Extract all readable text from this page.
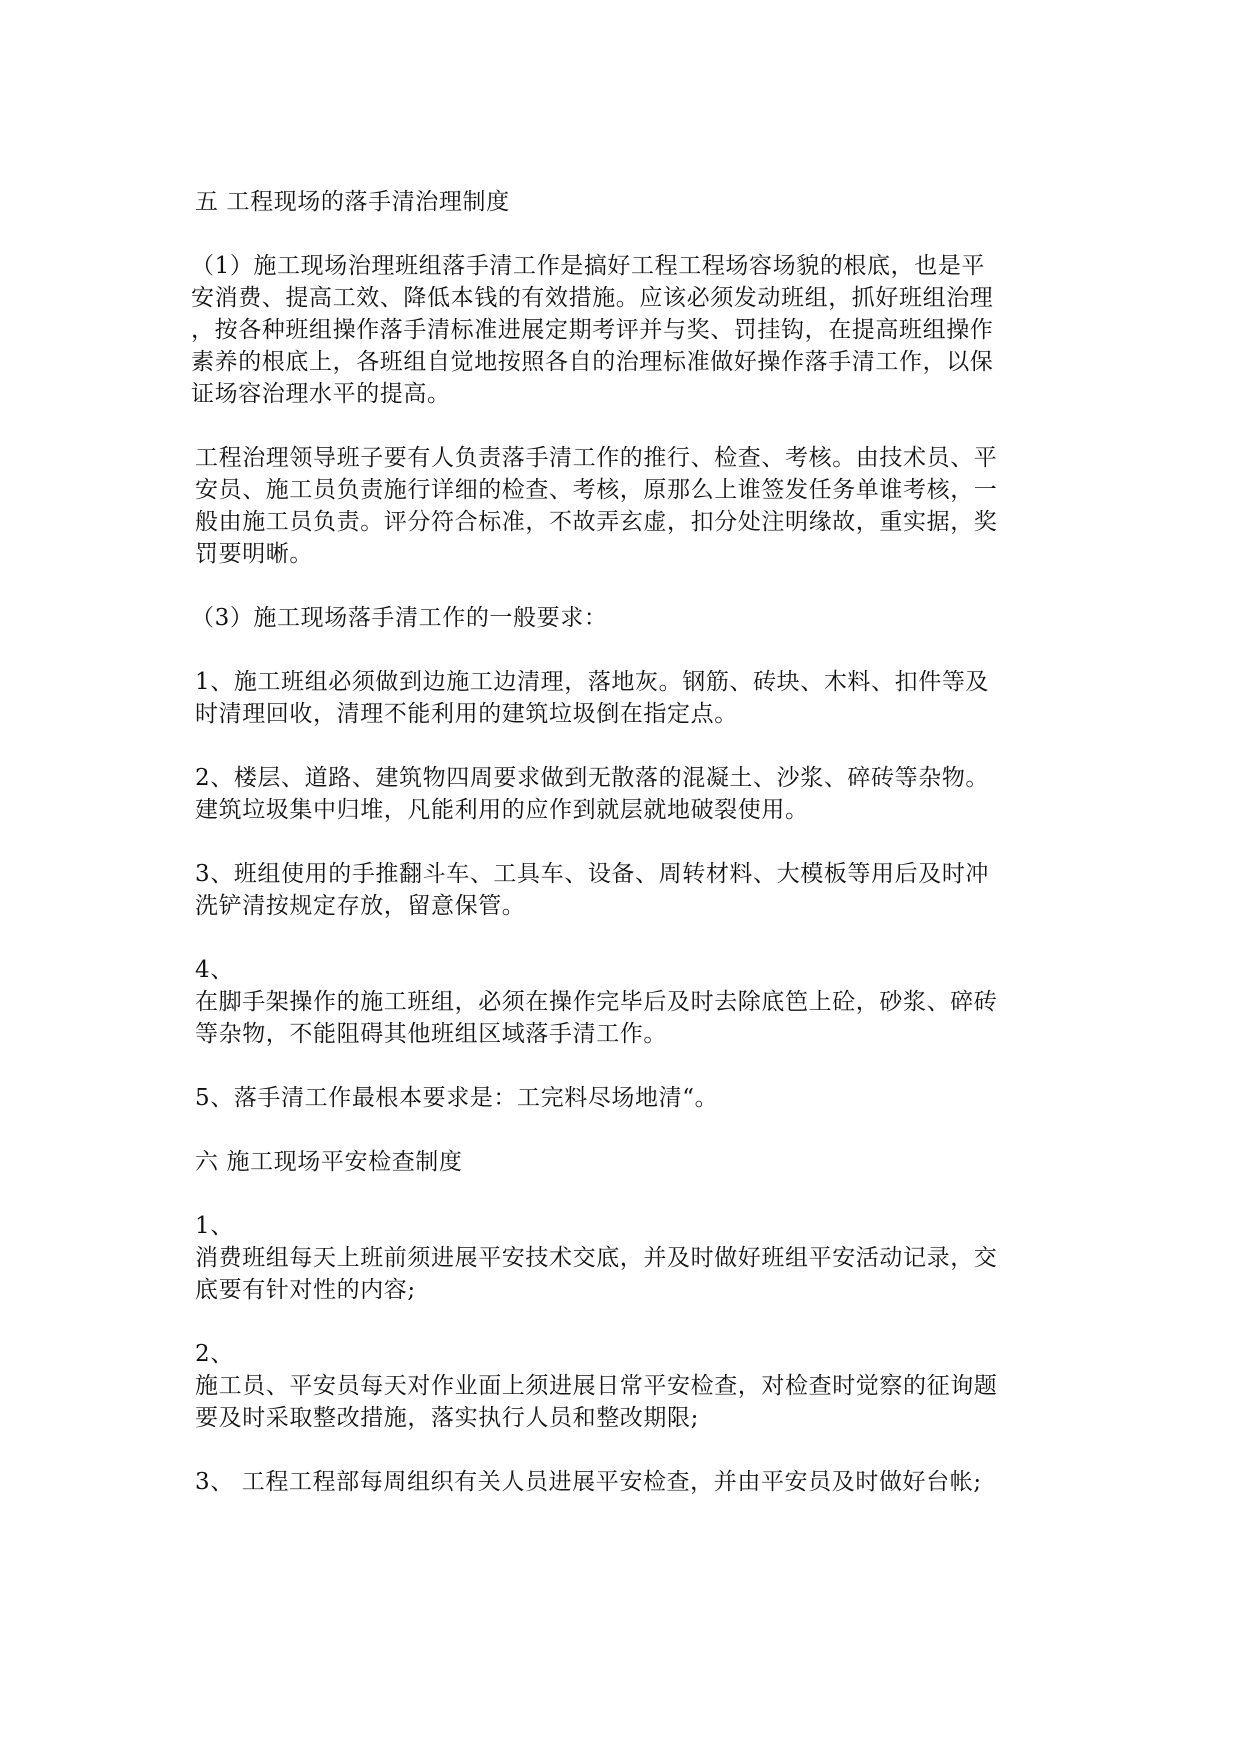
五 工程现场的落手清治理制度

（1）施工现场治理班组落手清工作是搞好工程工程场容场貌的根底，也是平
安消费、提高工效、降低本钱的有效措施。应该必须发动班组，抓好班组治理
，按各种班组操作落手清标准进展定期考评并与奖、罚挂钩，在提高班组操作
素养的根底上，各班组自觉地按照各自的治理标准做好操作落手清工作，以保
证场容治理水平的提高。

工程治理领导班子要有人负责落手清工作的推行、检查、考核。由技术员、平
安员、施工员负责施行详细的检查、考核，原那么上谁签发任务单谁考核，一
般由施工员负责。评分符合标准，不故弄玄虚，扣分处注明缘故，重实据，奖
罚要明晰。

（3）施工现场落手清工作的一般要求：

1、施工班组必须做到边施工边清理，落地灰。钢筋、砖块、木料、扣件等及
时清理回收，清理不能利用的建筑垃圾倒在指定点。

2、楼层、道路、建筑物四周要求做到无散落的混凝土、沙浆、碎砖等杂物。
建筑垃圾集中归堆，凡能利用的应作到就层就地破裂使用。

3、班组使用的手推翻斗车、工具车、设备、周转材料、大模板等用后及时冲
洗铲清按规定存放，留意保管。

4、
在脚手架操作的施工班组，必须在操作完毕后及时去除底笆上砼，砂浆、碎砖
等杂物，不能阻碍其他班组区域落手清工作。

5、落手清工作最根本要求是：工完料尽场地清“。

六 施工现场平安检查制度

1、
消费班组每天上班前须进展平安技术交底，并及时做好班组平安活动记录，交
底要有针对性的内容;

2、
施工员、平安员每天对作业面上须进展日常平安检查，对检查时觉察的征询题
要及时采取整改措施，落实执行人员和整改期限;

3、 工程工程部每周组织有关人员进展平安检查，并由平安员及时做好台帐;
